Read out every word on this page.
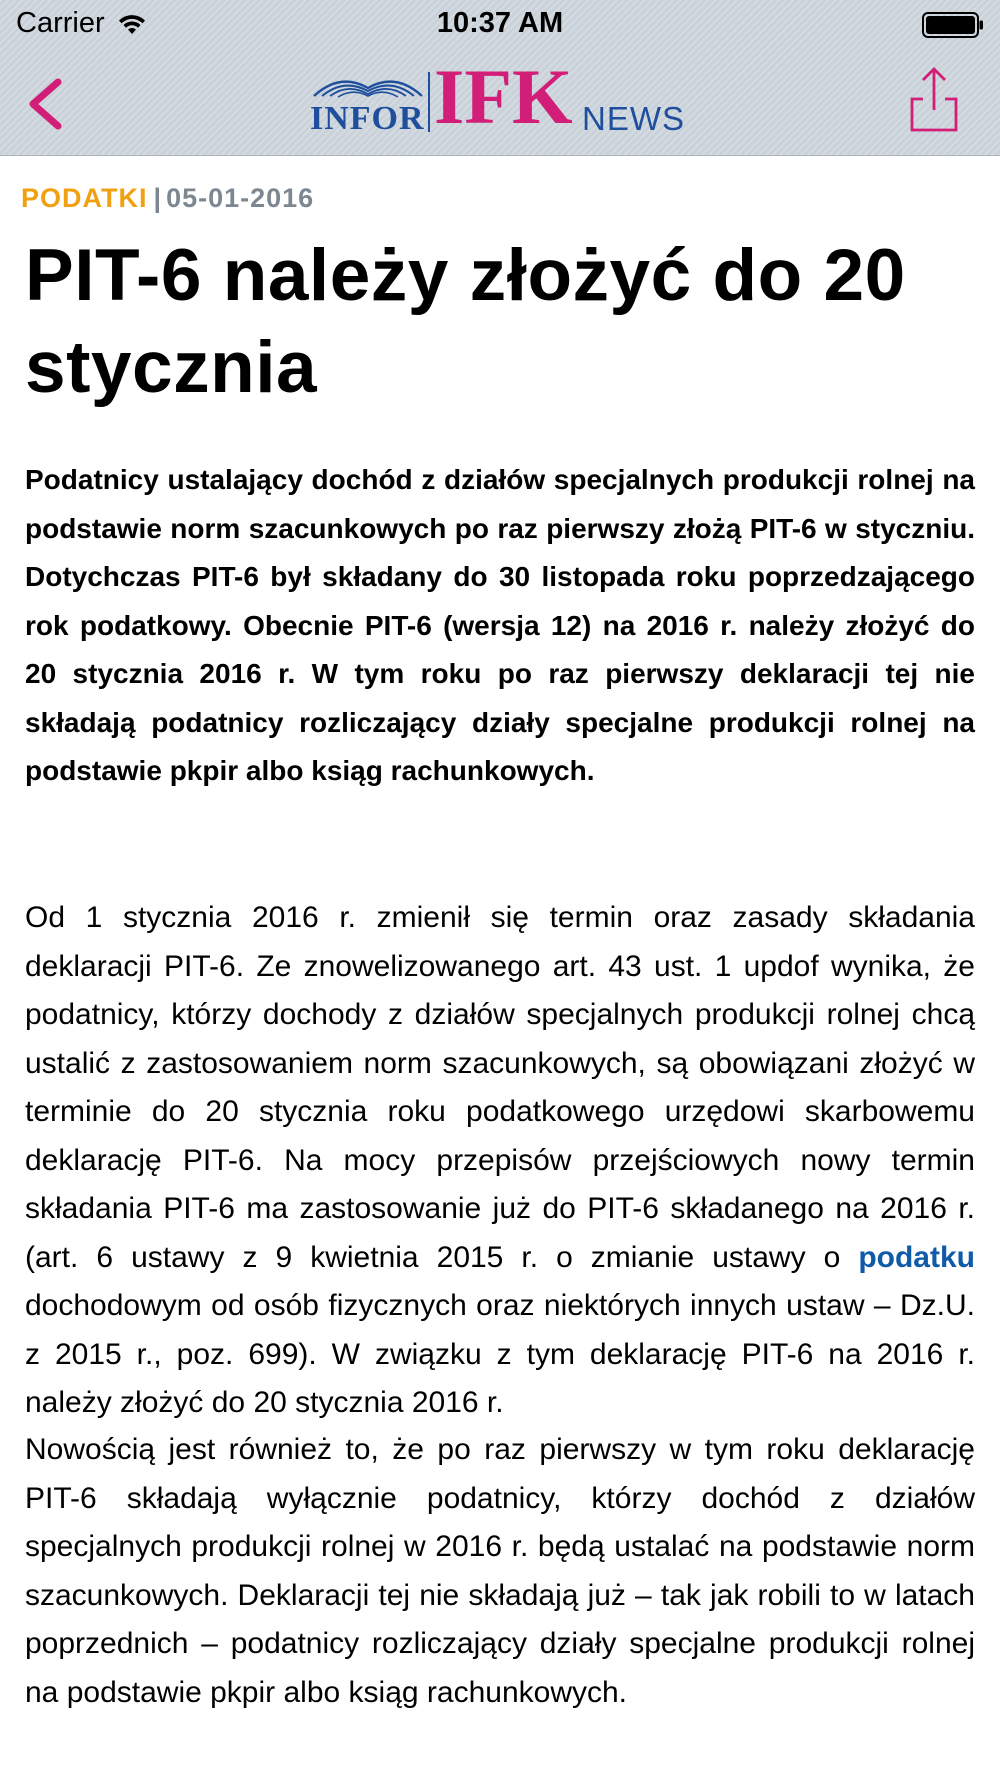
Carrier	10:37 AM
INFOR IFK NEWS
PODATKI | 05-01-2016
PIT-6 należy złożyć do 20 stycznia

Podatnicy ustalający dochód z działów specjalnych produkcji rolnej na podstawie norm szacunkowych po raz pierwszy złożą PIT-6 w styczniu. Dotychczas PIT-6 był składany do 30 listopada roku poprzedzającego rok podatkowy. Obecnie PIT-6 (wersja 12) na 2016 r. należy złożyć do 20 stycznia 2016 r. W tym roku po raz pierwszy deklaracji tej nie składają podatnicy rozliczający działy specjalne produkcji rolnej na podstawie pkpir albo ksiąg rachunkowych.

Od 1 stycznia 2016 r. zmienił się termin oraz zasady składania deklaracji PIT-6. Ze znowelizowanego art. 43 ust. 1 updof wynika, że podatnicy, którzy dochody z działów specjalnych produkcji rolnej chcą ustalić z zastosowaniem norm szacunkowych, są obowiązani złożyć w terminie do 20 stycznia roku podatkowego urzędowi skarbowemu deklarację PIT-6. Na mocy przepisów przejściowych nowy termin składania PIT-6 ma zastosowanie już do PIT-6 składanego na 2016 r. (art. 6 ustawy z 9 kwietnia 2015 r. o zmianie ustawy o podatku dochodowym od osób fizycznych oraz niektórych innych ustaw – Dz.U. z 2015 r., poz. 699). W związku z tym deklarację PIT-6 na 2016 r. należy złożyć do 20 stycznia 2016 r.

Nowością jest również to, że po raz pierwszy w tym roku deklarację PIT-6 składają wyłącznie podatnicy, którzy dochód z działów specjalnych produkcji rolnej w 2016 r. będą ustalać na podstawie norm szacunkowych. Deklaracji tej nie składają już – tak jak robili to w latach poprzednich – podatnicy rozliczający działy specjalne produkcji rolnej na podstawie pkpir albo ksiąg rachunkowych.
